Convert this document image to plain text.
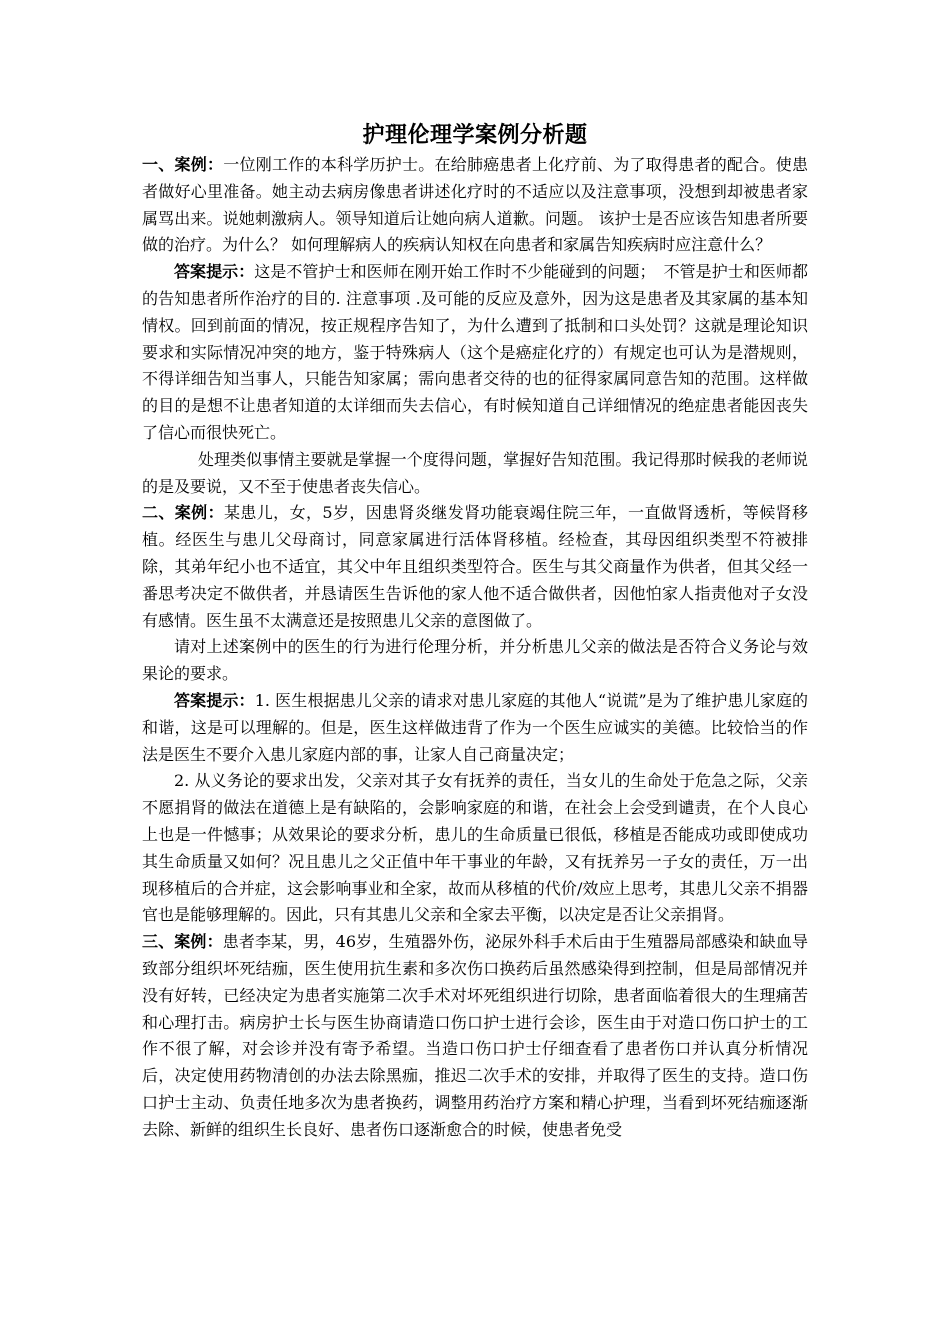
护理伦理学案例分析题

一、案例：一位刚工作的本科学历护士。在给肺癌患者上化疗前、为了取得患者的配合。使患者做好心里准备。她主动去病房像患者讲述化疗时的不适应以及注意事项，没想到却被患者家属骂出来。说她刺激病人。领导知道后让她向病人道歉。问题。 该护士是否应该告知患者所要做的治疗。为什么？ 如何理解病人的疾病认知权在向患者和家属告知疾病时应注意什么？

答案提示：这是不管护士和医师在刚开始工作时不少能碰到的问题；　不管是护士和医师都的告知患者所作治疗的目的. 注意事项 .及可能的反应及意外，因为这是患者及其家属的基本知情权。回到前面的情况，按正规程序告知了，为什么遭到了抵制和口头处罚？这就是理论知识要求和实际情况冲突的地方，鉴于特殊病人（这个是癌症化疗的）有规定也可认为是潜规则，不得详细告知当事人，只能告知家属；需向患者交待的也的征得家属同意告知的范围。这样做的目的是想不让患者知道的太详细而失去信心，有时候知道自己详细情况的绝症患者能因丧失了信心而很快死亡。

处理类似事情主要就是掌握一个度得问题，掌握好告知范围。我记得那时候我的老师说的是及要说，又不至于使患者丧失信心。

二、案例：某患儿，女，5岁，因患肾炎继发肾功能衰竭住院三年，一直做肾透析，等候肾移植。经医生与患儿父母商讨，同意家属进行活体肾移植。经检查，其母因组织类型不符被排除，其弟年纪小也不适宜，其父中年且组织类型符合。医生与其父商量作为供者，但其父经一番思考决定不做供者，并恳请医生告诉他的家人他不适合做供者，因他怕家人指责他对子女没有感情。医生虽不太满意还是按照患儿父亲的意图做了。

请对上述案例中的医生的行为进行伦理分析，并分析患儿父亲的做法是否符合义务论与效果论的要求。

答案提示：1. 医生根据患儿父亲的请求对患儿家庭的其他人“说谎”是为了维护患儿家庭的和谐，这是可以理解的。但是，医生这样做违背了作为一个医生应诚实的美德。比较恰当的作法是医生不要介入患儿家庭内部的事，让家人自己商量决定；

2. 从义务论的要求出发，父亲对其子女有抚养的责任，当女儿的生命处于危急之际，父亲不愿捐肾的做法在道德上是有缺陷的，会影响家庭的和谐，在社会上会受到谴责，在个人良心上也是一件憾事；从效果论的要求分析，患儿的生命质量已很低，移植是否能成功或即使成功其生命质量又如何？况且患儿之父正值中年干事业的年龄，又有抚养另一子女的责任，万一出现移植后的合并症，这会影响事业和全家，故而从移植的代价/效应上思考，其患儿父亲不捐器官也是能够理解的。因此，只有其患儿父亲和全家去平衡，以决定是否让父亲捐肾。

三、案例：患者李某，男，46岁，生殖器外伤，泌尿外科手术后由于生殖器局部感染和缺血导致部分组织坏死结痂，医生使用抗生素和多次伤口换药后虽然感染得到控制，但是局部情况并没有好转，已经决定为患者实施第二次手术对坏死组织进行切除，患者面临着很大的生理痛苦和心理打击。病房护士长与医生协商请造口伤口护士进行会诊，医生由于对造口伤口护士的工作不很了解，对会诊并没有寄予希望。当造口伤口护士仔细查看了患者伤口并认真分析情况后，决定使用药物清创的办法去除黑痂，推迟二次手术的安排，并取得了医生的支持。造口伤口护士主动、负责任地多次为患者换药，调整用药治疗方案和精心护理，当看到坏死结痂逐渐去除、新鲜的组织生长良好、患者伤口逐渐愈合的时候，使患者免受
